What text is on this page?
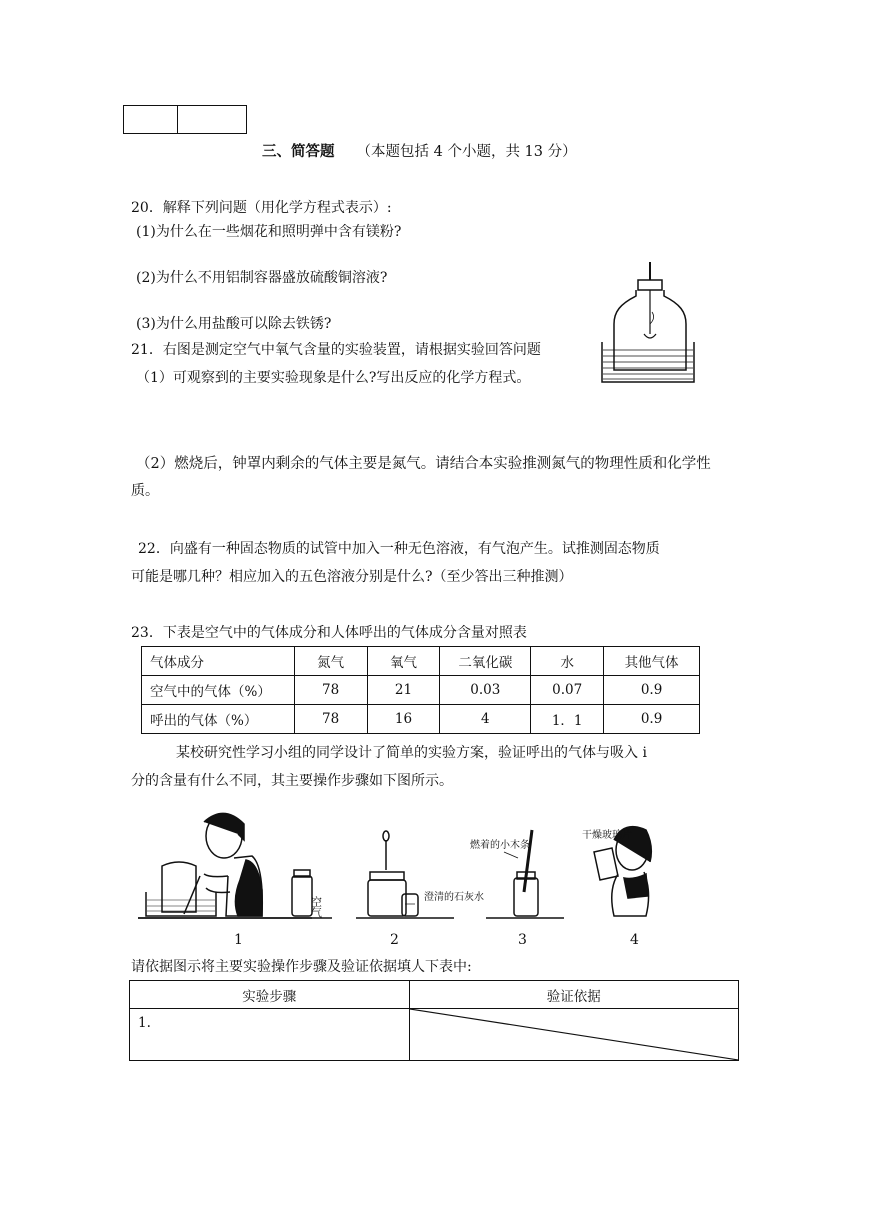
三、简答题 （本题包括 4 个小题，共 13 分）
20．解释下列问题（用化学方程式表示）:
(1)为什么在一些烟花和照明弹中含有镁粉?
(2)为什么不用铝制容器盛放硫酸铜溶液?
(3)为什么用盐酸可以除去铁锈?
21．右图是测定空气中氧气含量的实验装置，请根据实验回答问题
（1）可观察到的主要实验现象是什么?写出反应的化学方程式。
（2）燃烧后，钟罩内剩余的气体主要是氮气。请结合本实验推测氮气的物理性质和化学性
质。
22．向盛有一种固态物质的试管中加入一种无色溶液，有气泡产生。试推测固态物质
可能是哪几种？相应加入的五色溶液分别是什么?（至少答出三种推测）
23．下表是空气中的气体成分和人体呼出的气体成分含量对照表
气体成分	氮气	氧气	二氧化碳	水	其他气体
空气中的气体（%）	78	21	0.03	0.07	0.9
呼出的气体（%）	78	16	4	1．1	0.9
某校研究性学习小组的同学设计了简单的实验方案，验证呼出的气体与吸入 i
分的含量有什么不同，其主要操作步骤如下图所示。
空气	澄清的石灰水
燃着的小木条
干燥玻璃片
1	2	3	4
请依据图示将主要实验操作步骤及验证依据填人下表中:
实验步骤	验证依据
1.	
